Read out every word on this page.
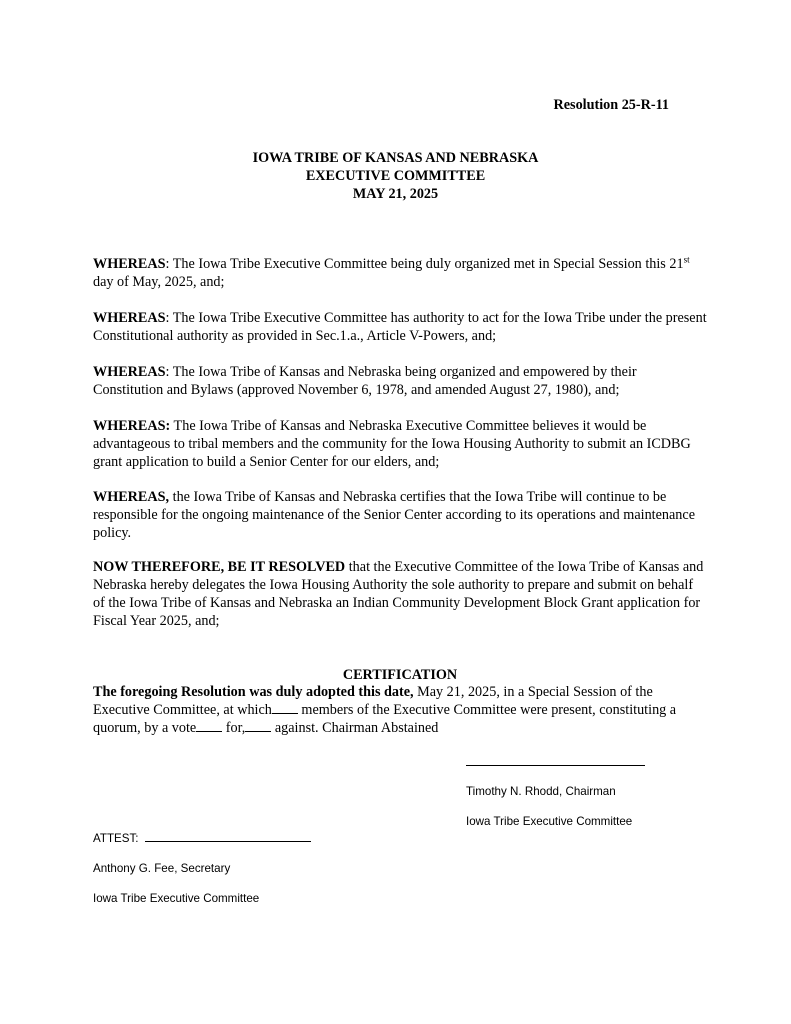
Resolution 25-R-11
IOWA TRIBE OF KANSAS AND NEBRASKA
EXECUTIVE COMMITTEE
MAY 21, 2025

WHEREAS: The Iowa Tribe Executive Committee being duly organized met in Special Session this 21st day of May, 2025, and;

WHEREAS: The Iowa Tribe Executive Committee has authority to act for the Iowa Tribe under the present Constitutional authority as provided in Sec.1.a., Article V-Powers, and;

WHEREAS: The Iowa Tribe of Kansas and Nebraska being organized and empowered by their Constitution and Bylaws (approved November 6, 1978, and amended August 27, 1980), and;

WHEREAS: The Iowa Tribe of Kansas and Nebraska Executive Committee believes it would be advantageous to tribal members and the community for the Iowa Housing Authority to submit an ICDBG grant application to build a Senior Center for our elders, and;

WHEREAS, the Iowa Tribe of Kansas and Nebraska certifies that the Iowa Tribe will continue to be responsible for the ongoing maintenance of the Senior Center according to its operations and maintenance policy.

NOW THEREFORE, BE IT RESOLVED that the Executive Committee of the Iowa Tribe of Kansas and Nebraska hereby delegates the Iowa Housing Authority the sole authority to prepare and submit on behalf of the Iowa Tribe of Kansas and Nebraska an Indian Community Development Block Grant application for Fiscal Year 2025, and;

CERTIFICATION

The foregoing Resolution was duly adopted this date, May 21, 2025, in a Special Session of the Executive Committee, at which members of the Executive Committee were present, constituting a quorum, by a vote for, against. Chairman Abstained

Timothy N. Rhodd, Chairman
Iowa Tribe Executive Committee
ATTEST:
Anthony G. Fee, Secretary
Iowa Tribe Executive Committee
